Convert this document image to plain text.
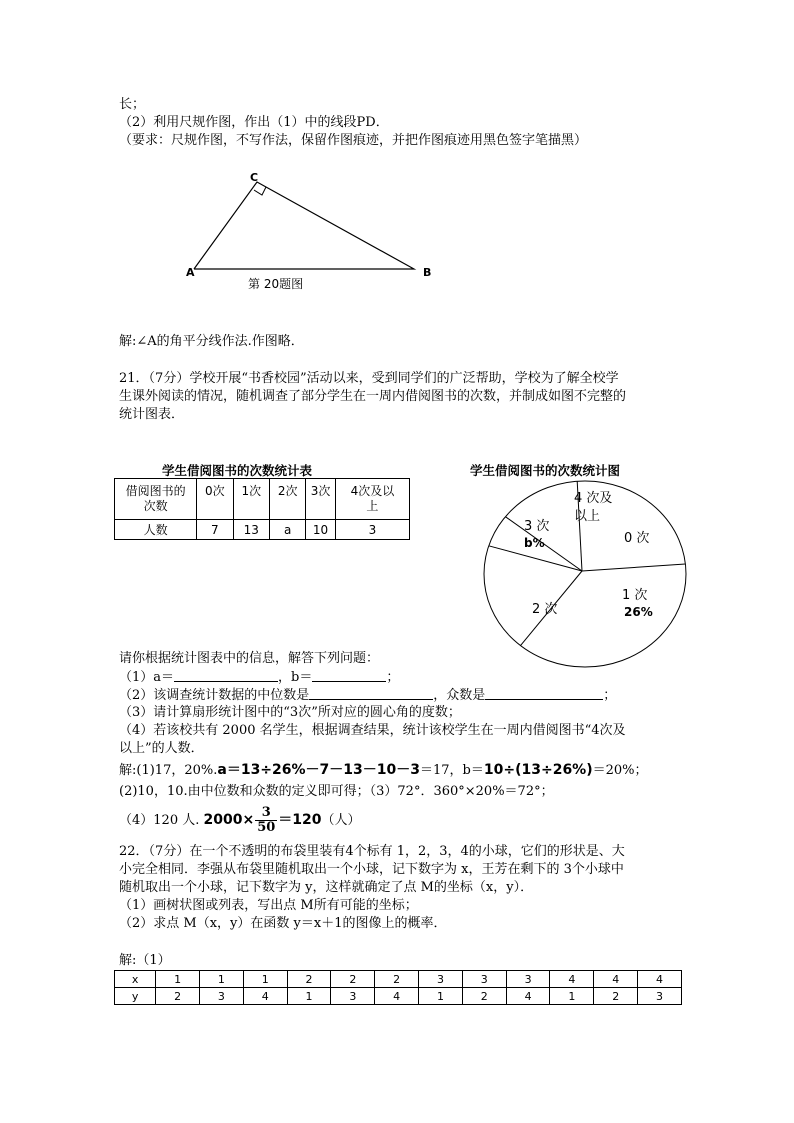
长；
（2）利用尺规作图，作出（1）中的线段PD．
（要求：尺规作图，不写作法，保留作图痕迹，并把作图痕迹用黑色签字笔描黑）
C
A	B
第 20题图
解:∠A的角平分线作法.作图略．
21．（7分）学校开展“书香校园”活动以来，受到同学们的广泛帮助，学校为了解全校学
生课外阅读的情况，随机调查了部分学生在一周内借阅图书的次数，并制成如图不完整的
统计图表．
学生借阅图书的次数统计表
借阅图书的次数	0次	1次	2次	3次	4次及以上
人数	7	13	a	10	3
学生借阅图书的次数统计图
0 次
1 次
26%
2 次
3 次
b%
4 次及以上
请你根据统计图表中的信息，解答下列问题：
（1）a＝	，b＝	；
（2）该调查统计数据的中位数是	，众数是	；
（3）请计算扇形统计图中的“3次”所对应的圆心角的度数；
（4）若该校共有 2000 名学生，根据调查结果，统计该校学生在一周内借阅图书“4次及
以上”的人数．
解:(1)17，20%.a＝13÷26%－7－13－10－3＝17，b＝10÷(13÷26%)＝20%；
(2)10，10.由中位数和众数的定义即可得；（3）72°．360°×20%＝72°；
（4）120 人. $2000\times \frac{3}{50} =120$（人）
22．（7分）在一个不透明的布袋里装有4个标有 1，2，3，4的小球，它们的形状是、大
小完全相同．李强从布袋里随机取出一个小球，记下数字为 x，王芳在剩下的 3个小球中
随机取出一个小球，记下数字为 y，这样就确定了点 M的坐标（x，y）．
（1）画树状图或列表，写出点 M所有可能的坐标；
（2）求点 M（x，y）在函数 y＝x＋1的图像上的概率．
解:（1）
x	1	1	1	2	2	2	3	3	3	4	4	4
y	2	3	4	1	3	4	1	2	4	1	2	3
